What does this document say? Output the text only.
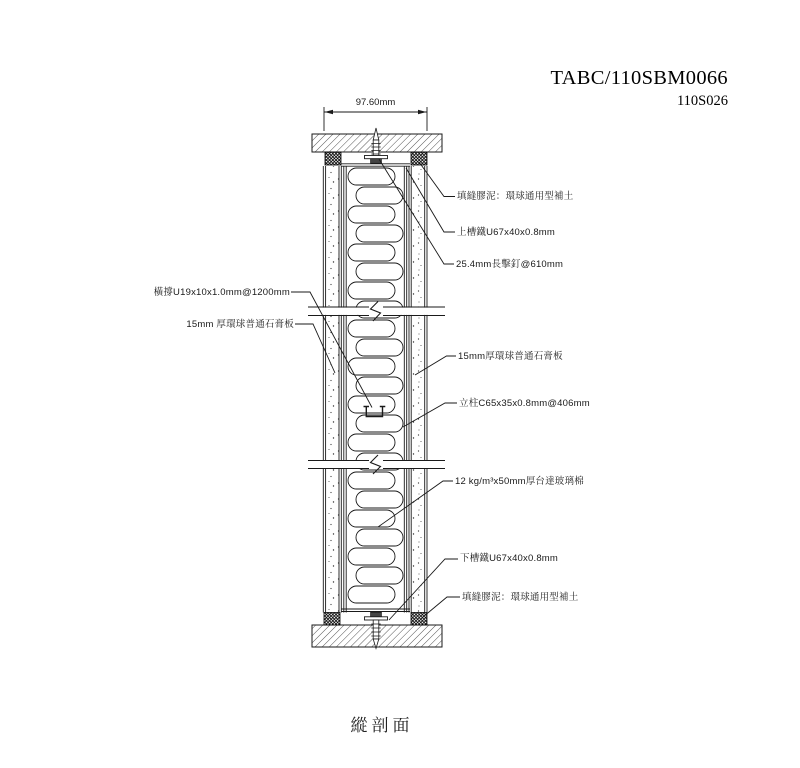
TABC/110SBM0066
110S026
97.60mm
橫撐U19x10x1.0mm@1200mm
15mm 厚環球普通石膏板
填縫膠泥：環球通用型補土
上槽鐵U67x40x0.8mm
25.4mm長擊釘@610mm
15mm厚環球普通石膏板
立柱C65x35x0.8mm@406mm
12 kg/m³x50mm厚台達玻璃棉
下槽鐵U67x40x0.8mm
填縫膠泥：環球通用型補土
縱剖面
